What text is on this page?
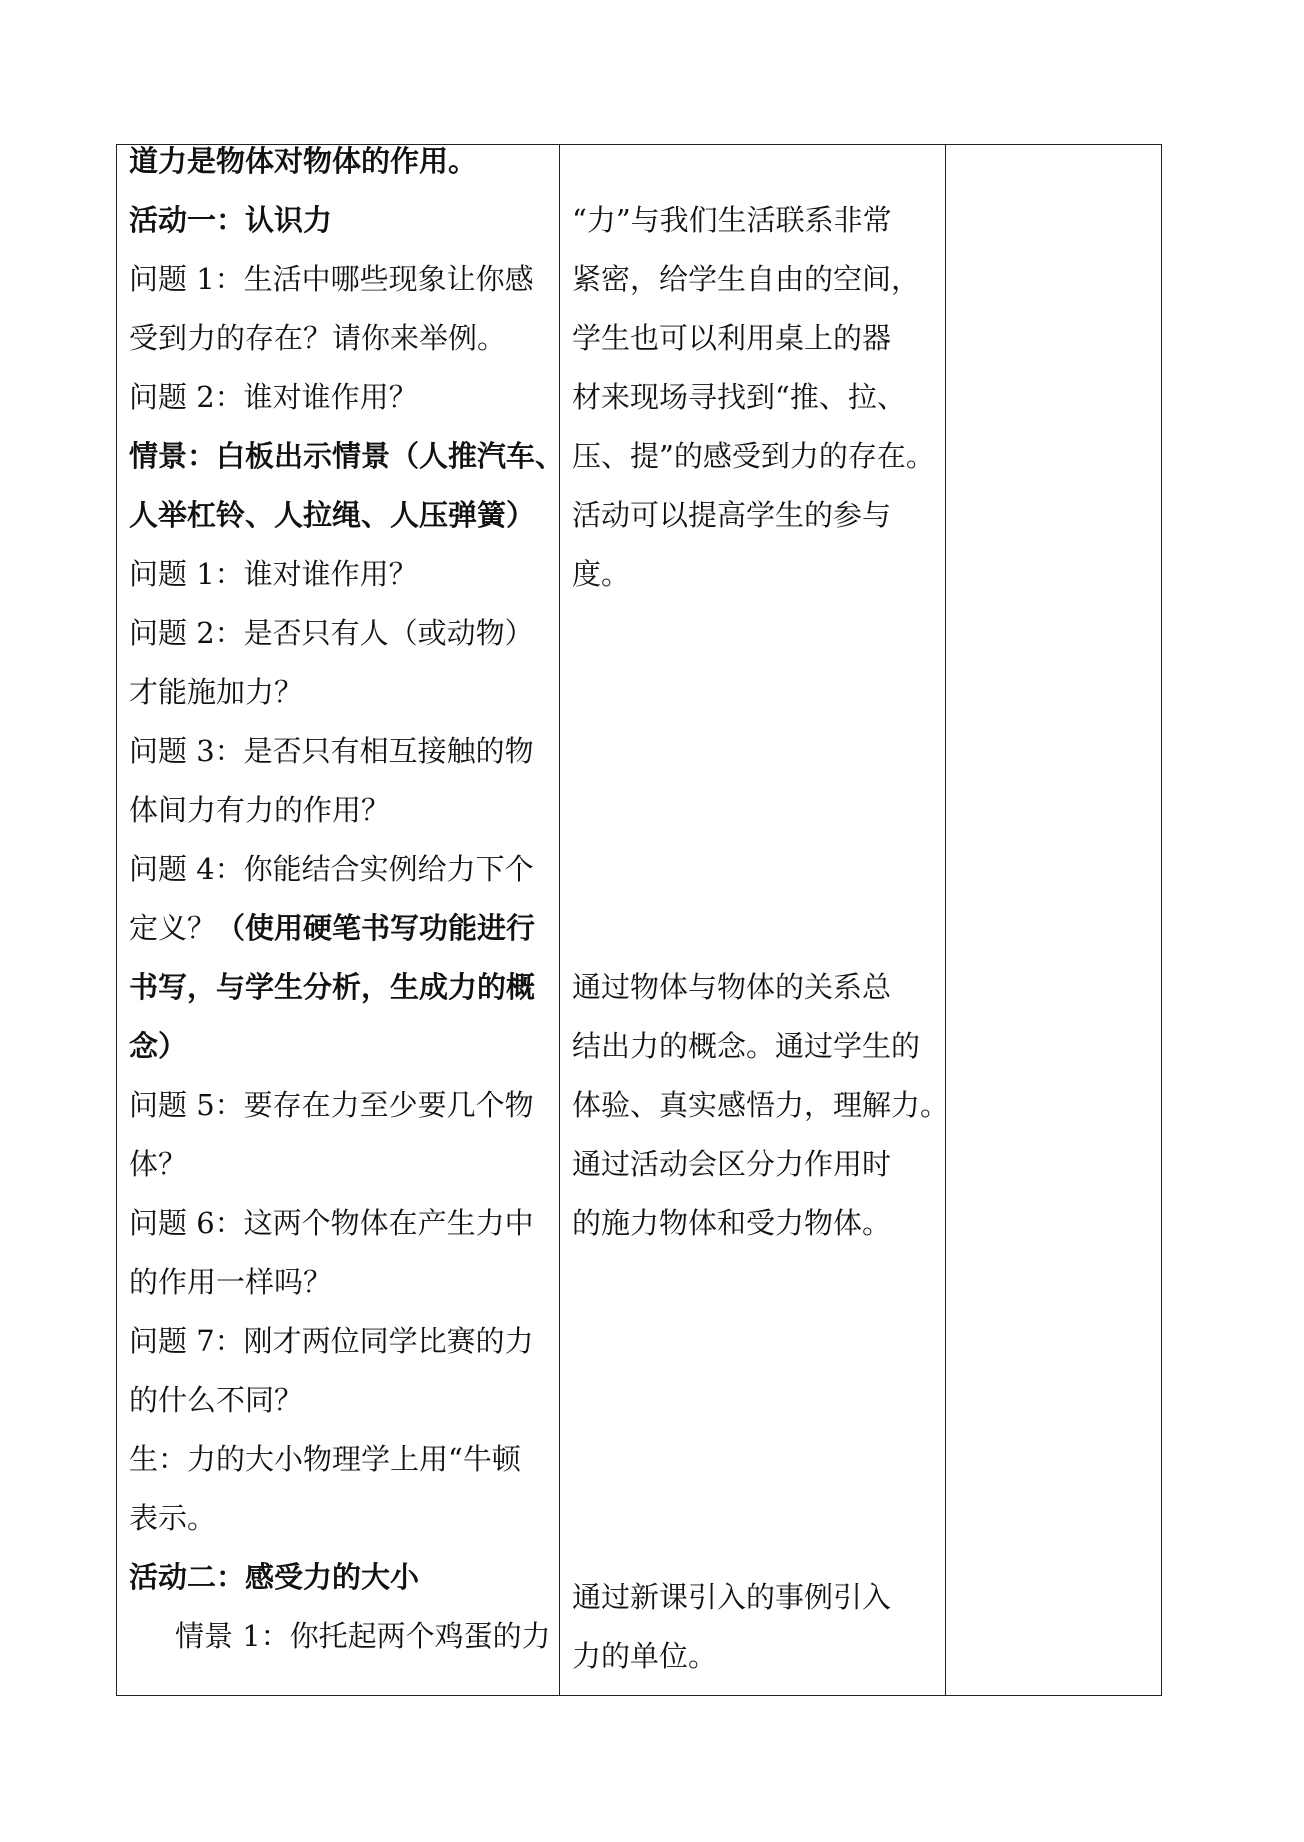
道力是物体对物体的作用。
活动一：认识力
问题 1：生活中哪些现象让你感
受到力的存在？请你来举例。
问题 2：谁对谁作用？
情景：白板出示情景（人推汽车、
人举杠铃、人拉绳、人压弹簧）
问题 1：谁对谁作用？
问题 2：是否只有人（或动物）
才能施加力？
问题 3：是否只有相互接触的物
体间力有力的作用？
问题 4：你能结合实例给力下个
定义？（使用硬笔书写功能进行
书写，与学生分析，生成力的概
念）
问题 5：要存在力至少要几个物
体？
问题 6：这两个物体在产生力中
的作用一样吗？
问题 7：刚才两位同学比赛的力
的什么不同？
生：力的大小物理学上用“牛顿
表示。
活动二：感受力的大小
情景 1：你托起两个鸡蛋的力
“力”与我们生活联系非常
紧密，给学生自由的空间，
学生也可以利用桌上的器
材来现场寻找到“推、拉、
压、提”的感受到力的存在。
活动可以提高学生的参与
度。
通过物体与物体的关系总
结出力的概念。通过学生的
体验、真实感悟力，理解力。
通过活动会区分力作用时
的施力物体和受力物体。
通过新课引入的事例引入
力的单位。
